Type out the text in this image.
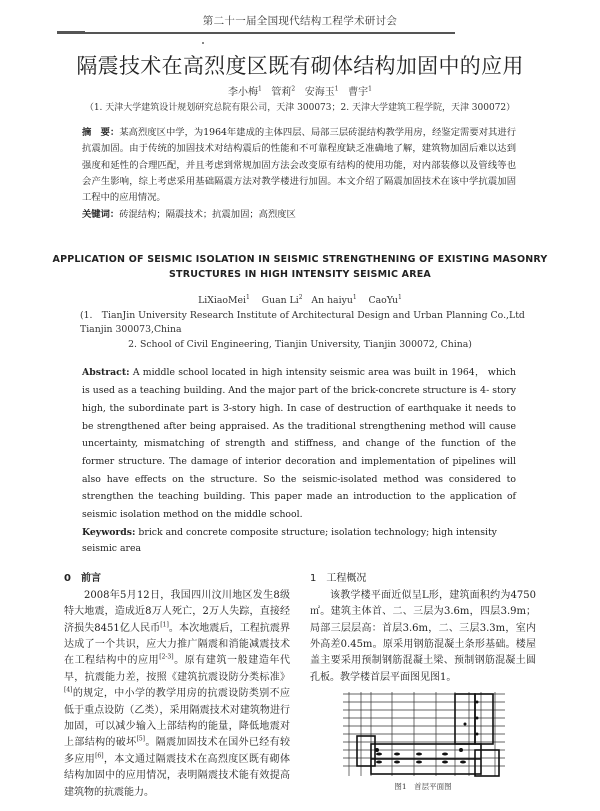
第二十一届全国现代结构工程学术研讨会
隔震技术在高烈度区既有砌体结构加固中的应用
李小梅$^1$ 管莉$^2$ 安海玉$^1$ 曹宇$^1$
（1. 天津大学建筑设计规划研究总院有限公司，天津 300073；2. 天津大学建筑工程学院，天津 300072）
摘　要：某高烈度区中学，为1964年建成的主体四层、局部三层砖混结构教学用房，经鉴定需要对其进行抗震加固。由于传统的加固技术对结构震后的性能和不可靠程度缺乏准确地了解，建筑物加固后难以达到强度和延性的合理匹配，并且考虑到常规加固方法会改变原有结构的使用功能，对内部装修以及管线等也会产生影响，综上考虑采用基础隔震方法对教学楼进行加固。本文介绍了隔震加固技术在该中学抗震加固工程中的应用情况。
关键词：砖混结构；隔震技术；抗震加固；高烈度区
APPLICATION OF SEISMIC ISOLATION IN SEISMIC STRENGTHENING OF EXISTING MASONRY STRUCTURES IN HIGH INTENSITY SEISMIC AREA
LiXiaoMei$^1$ Guan Li$^2$ An haiyu$^1$ CaoYu$^1$
(1.　TianJin University Research Institute of Architectural Design and Urban Planning Co.,Ltd Tianjin 300073,China
2. School of Civil Engineering, Tianjin University, Tianjin 300072, China)
Abstract: A middle school located in high intensity seismic area was built in 1964， which is used as a teaching building. And the major part of the brick-concrete structure is 4- story high, the subordinate part is 3-story high. In case of destruction of earthquake it needs to be strengthened after being appraised. As the traditional strengthening method will cause uncertainty, mismatching of strength and stiffness, and change of the function of the former structure. The damage of interior decoration and implementation of pipelines will also have effects on the structure. So the seismic-isolated method was considered to strengthen the teaching building. This paper made an introduction to the application of seismic isolation method on the middle school.
Keywords: brick and concrete composite structure; isolation technology; high intensity seismic area
0　前言
2008年5月12日，我国四川汶川地区发生8级特大地震，造成近8万人死亡，2万人失踪，直接经济损失8451亿人民币[1]。本次地震后，工程抗震界达成了一个共识，应大力推广隔震和消能减震技术在工程结构中的应用[2-3]。原有建筑一般建造年代早，抗震能力差，按照《建筑抗震设防分类标准》[4]的规定，中小学的教学用房的抗震设防类别不应低于重点设防（乙类），采用隔震技术对建筑物进行加固，可以减少输入上部结构的能量，降低地震对上部结构的破坏[5]。隔震加固技术在国外已经有较多应用[6]，本文通过隔震技术在高烈度区既有砌体结构加固中的应用情况，表明隔震技术能有效提高建筑物的抗震能力。
1　工程概况
该教学楼平面近似呈L形，建筑面积约为4750㎡。建筑主体首、二、三层为3.6m，四层3.9m；局部三层层高：首层3.6m，二、三层3.3m，室内外高差0.45m。原采用钢筋混凝土条形基础。楼屋盖主要采用预制钢筋混凝土梁、预制钢筋混凝土圆孔板。教学楼首层平面图见图1。
图1　首层平面图
